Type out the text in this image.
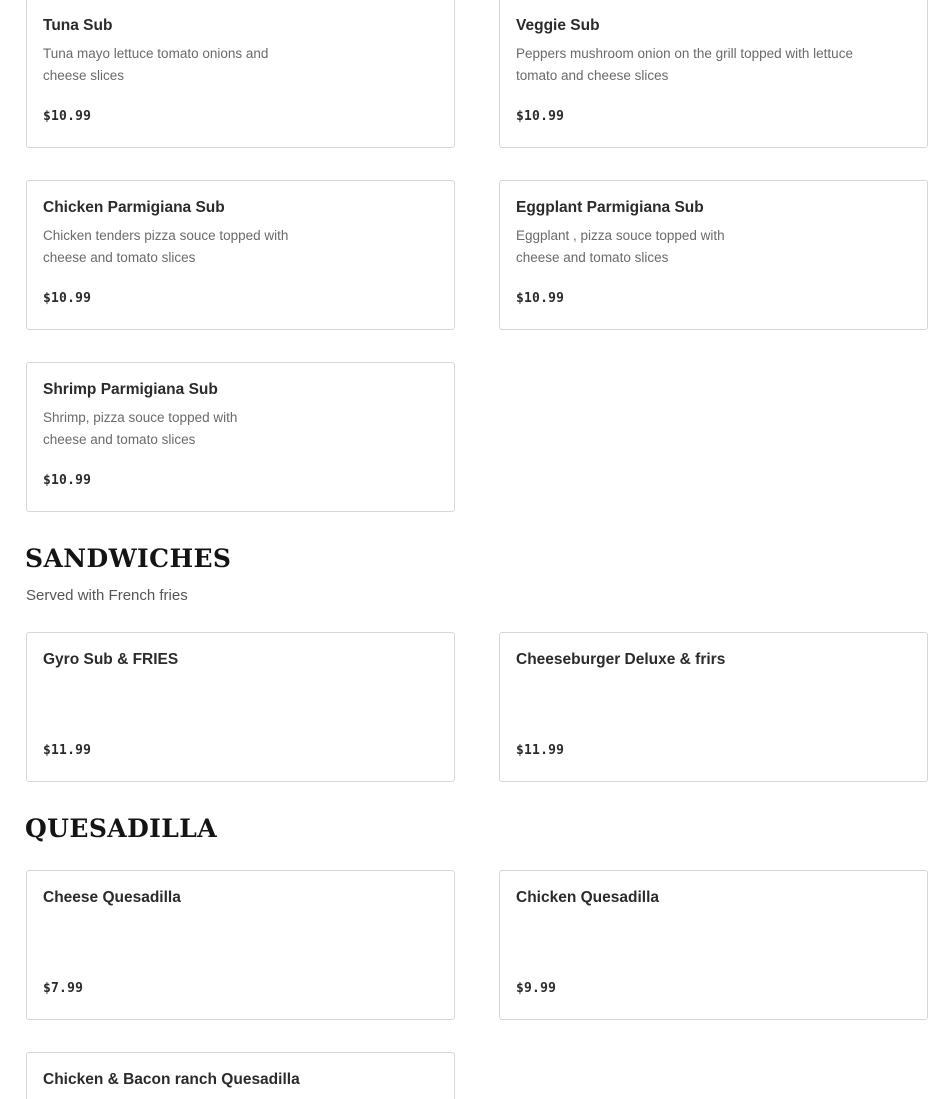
Tuna Sub
Tuna mayo lettuce tomato onions and cheese slices
$10.99
Veggie Sub
Peppers mushroom onion on the grill topped with lettuce tomato and cheese slices
$10.99
Chicken Parmigiana Sub
Chicken tenders pizza souce topped with cheese and tomato slices
$10.99
Eggplant Parmigiana Sub
Eggplant , pizza souce topped with cheese and tomato slices
$10.99
Shrimp Parmigiana Sub
Shrimp, pizza souce topped with cheese and tomato slices
$10.99
SANDWICHES
Served with French fries
Gyro Sub & FRIES
$11.99
Cheeseburger Deluxe & frirs
$11.99
QUESADILLA
Cheese Quesadilla
$7.99
Chicken Quesadilla
$9.99
Chicken & Bacon ranch Quesadilla
